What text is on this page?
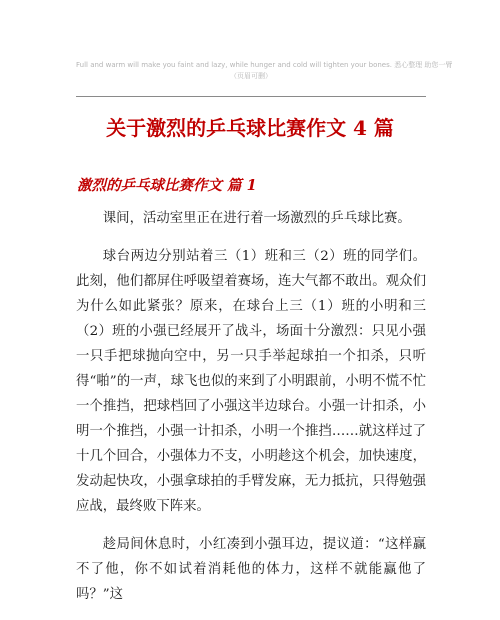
Full and warm will make you faint and lazy, while hunger and cold will tighten your bones. 悉心整理 助您一臂
（页眉可删）
关于激烈的乒乓球比赛作文 4 篇
激烈的乒乓球比赛作文 篇 1

课间，活动室里正在进行着一场激烈的乒乓球比赛。

球台两边分别站着三（1）班和三（2）班的同学们。此刻，他们都屏住呼吸望着赛场，连大气都不敢出。观众们为什么如此紧张？原来，在球台上三（1）班的小明和三（2）班的小强已经展开了战斗，场面十分激烈：只见小强一只手把球抛向空中，另一只手举起球拍一个扣杀，只听得“啪”的一声，球飞也似的来到了小明跟前，小明不慌不忙一个推挡，把球档回了小强这半边球台。小强一计扣杀，小明一个推挡，小强一计扣杀，小明一个推挡……就这样过了十几个回合，小强体力不支，小明趁这个机会，加快速度，发动起快攻，小强拿球拍的手臂发麻，无力抵抗，只得勉强应战，最终败下阵来。

趁局间休息时，小红凑到小强耳边，提议道：“这样赢不了他，你不如试着消耗他的体力，这样不就能赢他了吗？”这
